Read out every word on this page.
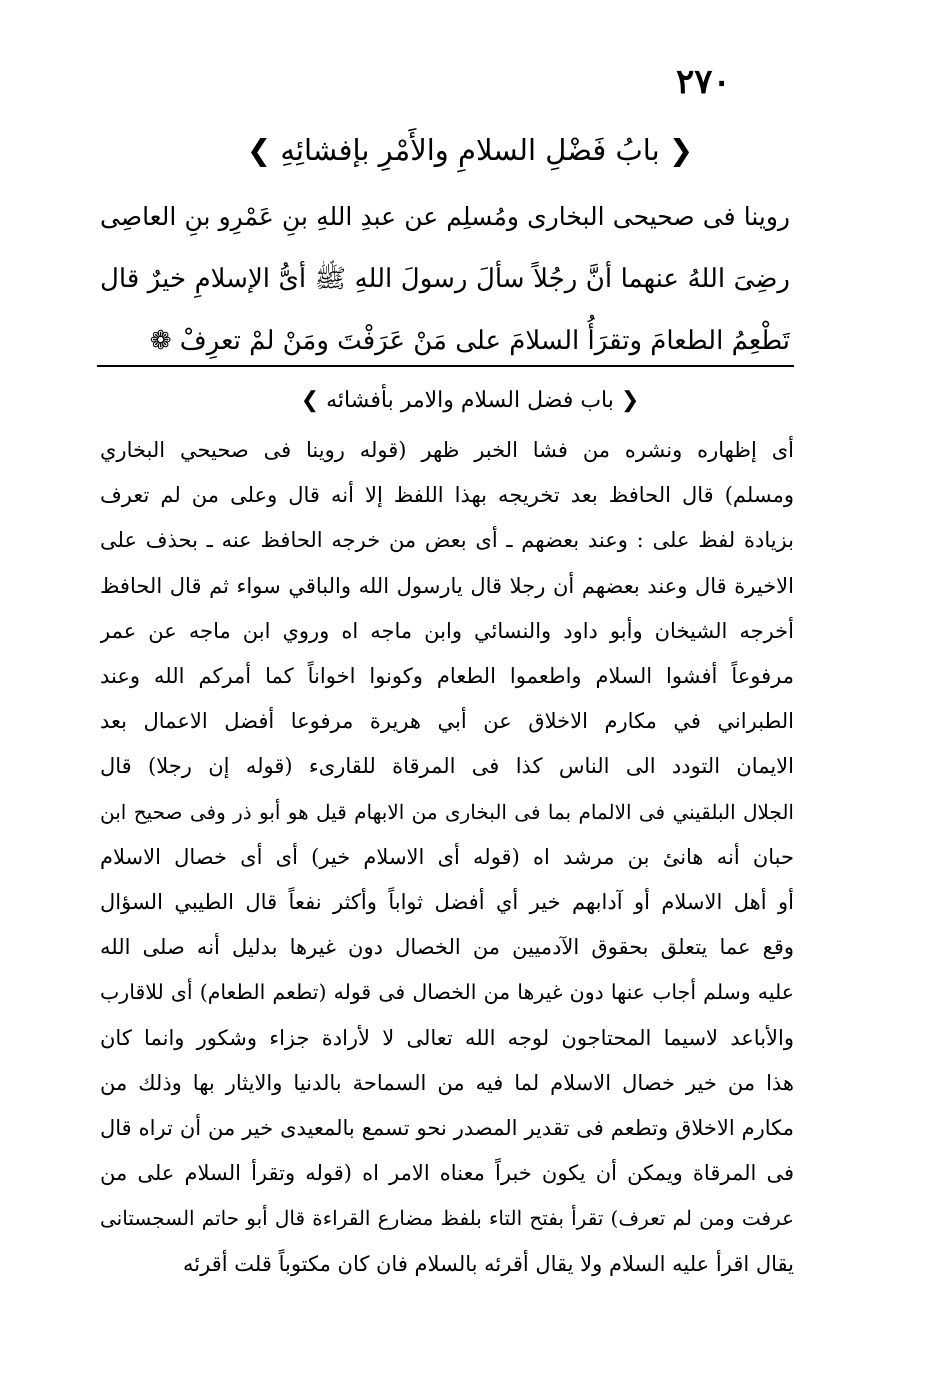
٢٧٠
❮ بابُ فَضْلِ السلامِ والأَمْرِ بإفشائِهِ ❯
روينا فى صحيحى البخارى ومُسلِم عن عبدِ اللهِ بنِ عَمْرِو بنِ العاصِى
رضِىَ اللهُ عنهما أنَّ رجُلاً سألَ رسولَ اللهِ ﷺ أىُّ الإسلامِ خيرٌ قال
تَطْعِمُ الطعامَ وتقرَأُ السلامَ على مَنْ عَرَفْتَ ومَنْ لمْ تعرِفْ ❁
❮ باب فضل السلام والامر بأفشائه ❯
أى إظهاره ونشره من فشا الخبر ظهر (قوله روينا فى صحيحي البخاري
ومسلم) قال الحافظ بعد تخريجه بهذا اللفظ إلا أنه قال وعلى من لم تعرف
بزيادة لفظ على : وعند بعضهم ـ أى بعض من خرجه الحافظ عنه ـ بحذف على
الاخيرة قال وعند بعضهم أن رجلا قال يارسول الله والباقي سواء ثم قال الحافظ
أخرجه الشيخان وأبو داود والنسائي وابن ماجه اه وروي ابن ماجه عن عمر
مرفوعاً أفشوا السلام واطعموا الطعام وكونوا اخواناً كما أمركم الله وعند
الطبراني في مكارم الاخلاق عن أبي هريرة مرفوعا أفضل الاعمال بعد
الايمان التودد الى الناس كذا فى المرقاة للقارىء (قوله إن رجلا) قال
الجلال البلقيني فى الالمام بما فى البخارى من الابهام قيل هو أبو ذر وفى صحيح ابن
حبان أنه هانئ بن مرشد اه (قوله أى الاسلام خير) أى أى خصال الاسلام
أو أهل الاسلام أو آدابهم خير أي أفضل ثواباً وأكثر نفعاً قال الطيبي السؤال
وقع عما يتعلق بحقوق الآدميين من الخصال دون غيرها بدليل أنه صلى الله
عليه وسلم أجاب عنها دون غيرها من الخصال فى قوله (تطعم الطعام) أى للاقارب
والأباعد لاسيما المحتاجون لوجه الله تعالى لا لأرادة جزاء وشكور وانما كان
هذا من خير خصال الاسلام لما فيه من السماحة بالدنيا والايثار بها وذلك من
مكارم الاخلاق وتطعم فى تقدير المصدر نحو تسمع بالمعيدى خير من أن تراه قال
فى المرقاة ويمكن أن يكون خبراً معناه الامر اه (قوله وتقرأ السلام على من
عرفت ومن لم تعرف) تقرأ بفتح التاء بلفظ مضارع القراءة قال أبو حاتم السجستانى
يقال اقرأ عليه السلام ولا يقال أقرئه بالسلام فان كان مكتوباً قلت أقرئه
